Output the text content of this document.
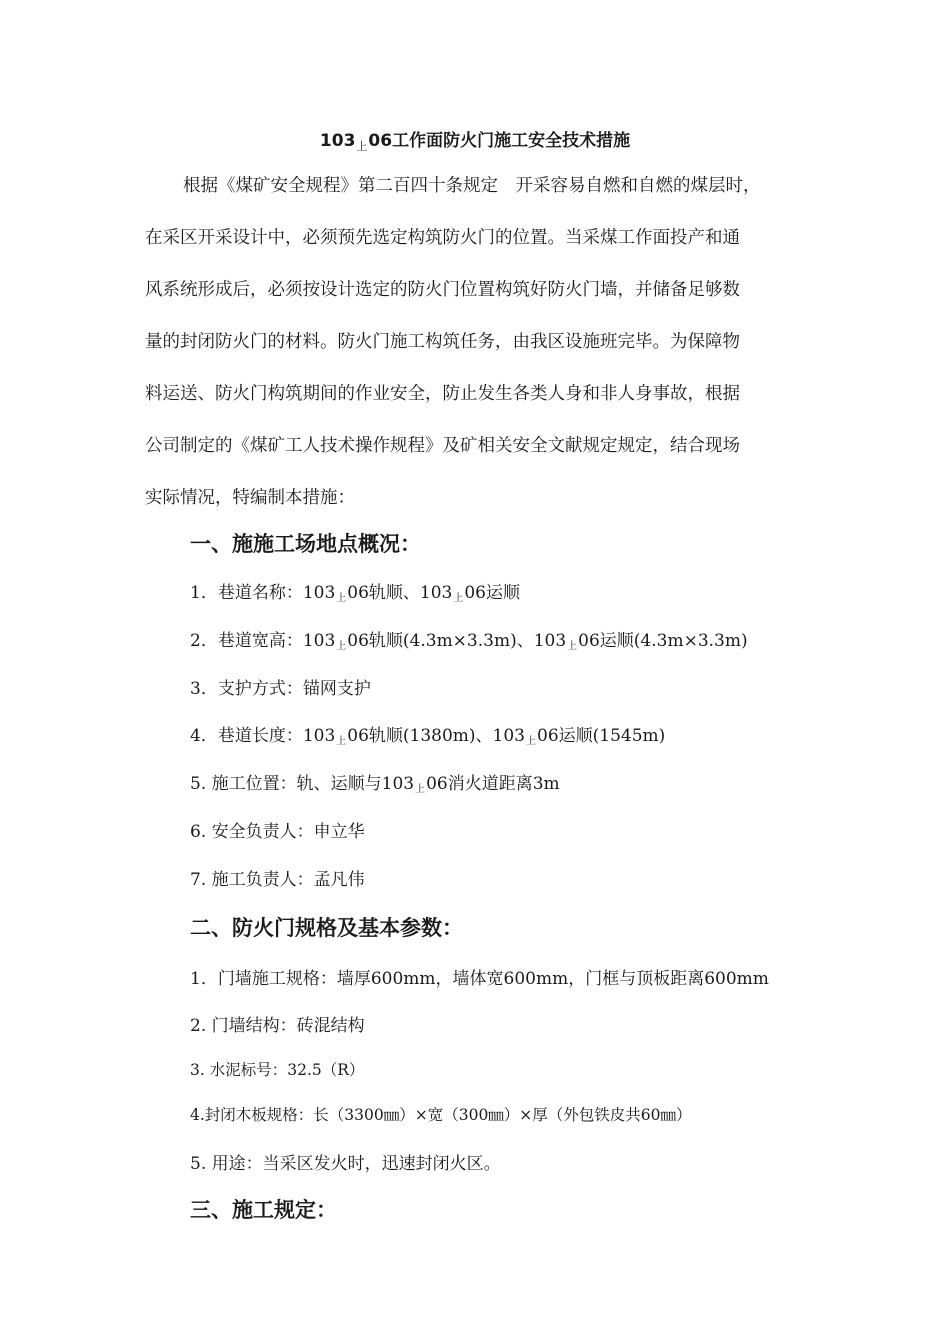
$103_上06$工作面防火门施工安全技术措施
根据《煤矿安全规程》第二百四十条规定　开采容易自燃和自燃的煤层时，
在采区开采设计中，必须预先选定构筑防火门的位置。当采煤工作面投产和通
风系统形成后，必须按设计选定的防火门位置构筑好防火门墙，并储备足够数
量的封闭防火门的材料。防火门施工构筑任务，由我区设施班完毕。为保障物
料运送、防火门构筑期间的作业安全，防止发生各类人身和非人身事故，根据
公司制定的《煤矿工人技术操作规程》及矿相关安全文献规定规定，结合现场
实际情况，特编制本措施：
一、施施工场地点概况：
1．巷道名称：103上06轨顺、103上06运顺
2．巷道宽高：103上06轨顺(4.3m×3.3m)、103上06运顺(4.3m×3.3m)
3．支护方式：锚网支护
4．巷道长度：103上06轨顺(1380m)、103上06运顺(1545m)
5. 施工位置：轨、运顺与103上06消火道距离3m
6. 安全负责人：申立华
7. 施工负责人：孟凡伟
二、防火门规格及基本参数：
1．门墙施工规格：墙厚600mm，墙体宽600mm，门框与顶板距离600mm
2. 门墙结构：砖混结构
3. 水泥标号：32.5（R）
4.封闭木板规格：长（3300㎜）×宽（300㎜）×厚（外包铁皮共60㎜）
5. 用途：当采区发火时，迅速封闭火区。
三、施工规定：
